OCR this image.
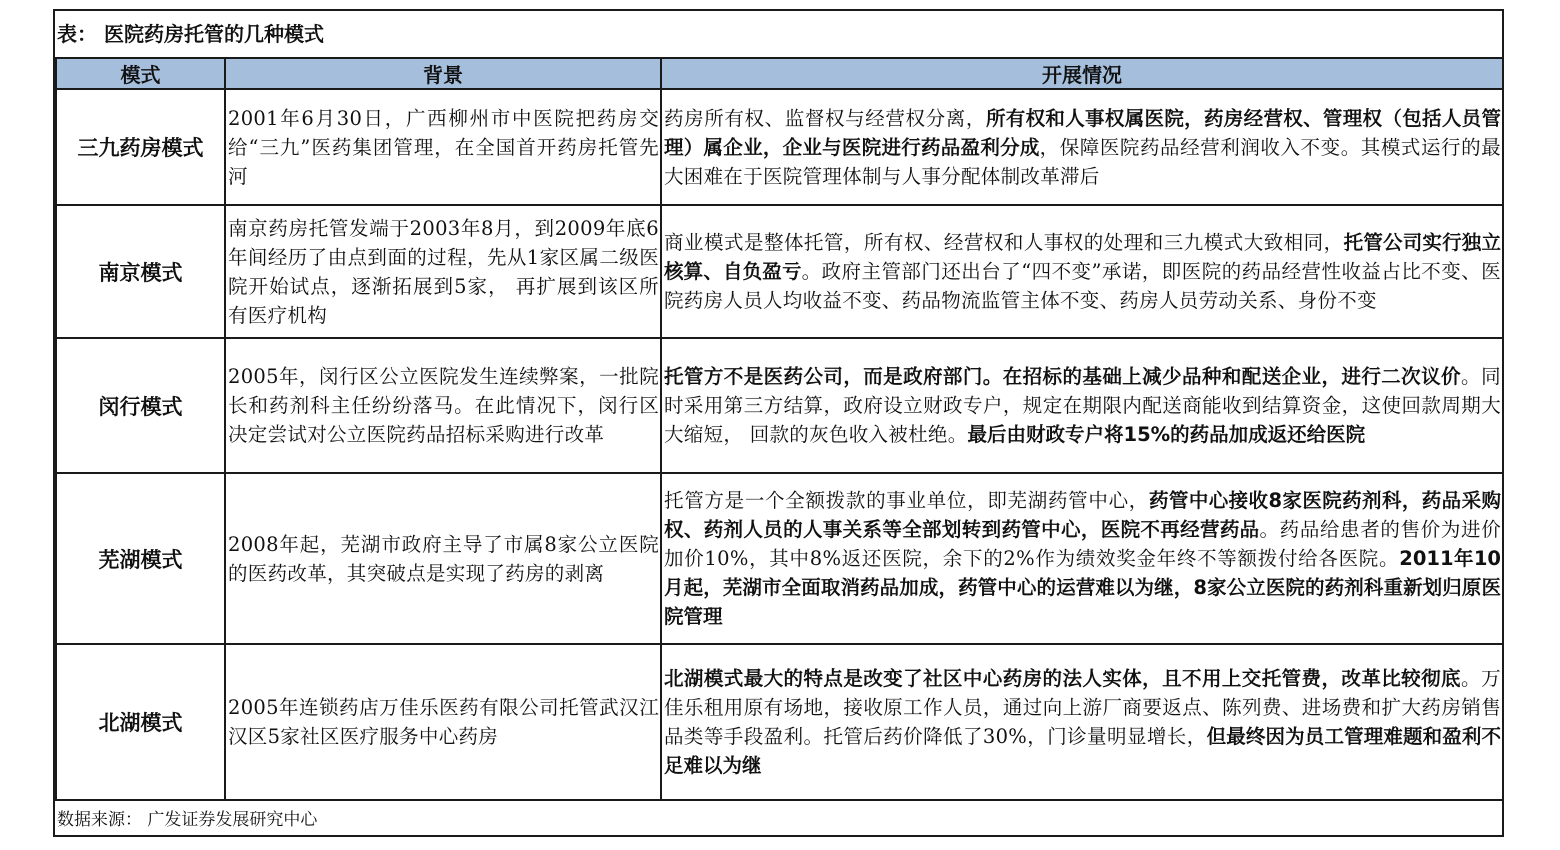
表： 医院药房托管的几种模式
模式	背景	开展情况
三九药房模式	2001年6月30日，广西柳州市中医院把药房交给“三九”医药集团管理，在全国首开药房托管先河	药房所有权、监督权与经营权分离，所有权和人事权属医院，药房经营权、管理权（包括人员管理）属企业，企业与医院进行药品盈利分成，保障医院药品经营利润收入不变。其模式运行的最大困难在于医院管理体制与人事分配体制改革滞后
南京模式	南京药房托管发端于2003年8月，到2009年底6年间经历了由点到面的过程，先从1家区属二级医院开始试点，逐渐拓展到5家， 再扩展到该区所有医疗机构	商业模式是整体托管，所有权、经营权和人事权的处理和三九模式大致相同，托管公司实行独立核算、自负盈亏。政府主管部门还出台了“四不变”承诺，即医院的药品经营性收益占比不变、医院药房人员人均收益不变、药品物流监管主体不变、药房人员劳动关系、身份不变
闵行模式	2005年，闵行区公立医院发生连续弊案，一批院长和药剂科主任纷纷落马。在此情况下，闵行区决定尝试对公立医院药品招标采购进行改革	托管方不是医药公司，而是政府部门。在招标的基础上减少品种和配送企业，进行二次议价。同时采用第三方结算，政府设立财政专户，规定在期限内配送商能收到结算资金，这使回款周期大大缩短， 回款的灰色收入被杜绝。最后由财政专户将15%的药品加成返还给医院
芜湖模式	2008年起，芜湖市政府主导了市属8家公立医院的医药改革，其突破点是实现了药房的剥离	托管方是一个全额拨款的事业单位，即芜湖药管中心，药管中心接收8家医院药剂科，药品采购权、药剂人员的人事关系等全部划转到药管中心，医院不再经营药品。药品给患者的售价为进价加价10%，其中8%返还医院，余下的2%作为绩效奖金年终不等额拨付给各医院。2011年10月起，芜湖市全面取消药品加成，药管中心的运营难以为继，8家公立医院的药剂科重新划归原医院管理
北湖模式	2005年连锁药店万佳乐医药有限公司托管武汉江汉区5家社区医疗服务中心药房	北湖模式最大的特点是改变了社区中心药房的法人实体，且不用上交托管费，改革比较彻底。万佳乐租用原有场地，接收原工作人员，通过向上游厂商要返点、陈列费、进场费和扩大药房销售品类等手段盈利。托管后药价降低了30%，门诊量明显增长，但最终因为员工管理难题和盈利不足难以为继
数据来源： 广发证券发展研究中心
